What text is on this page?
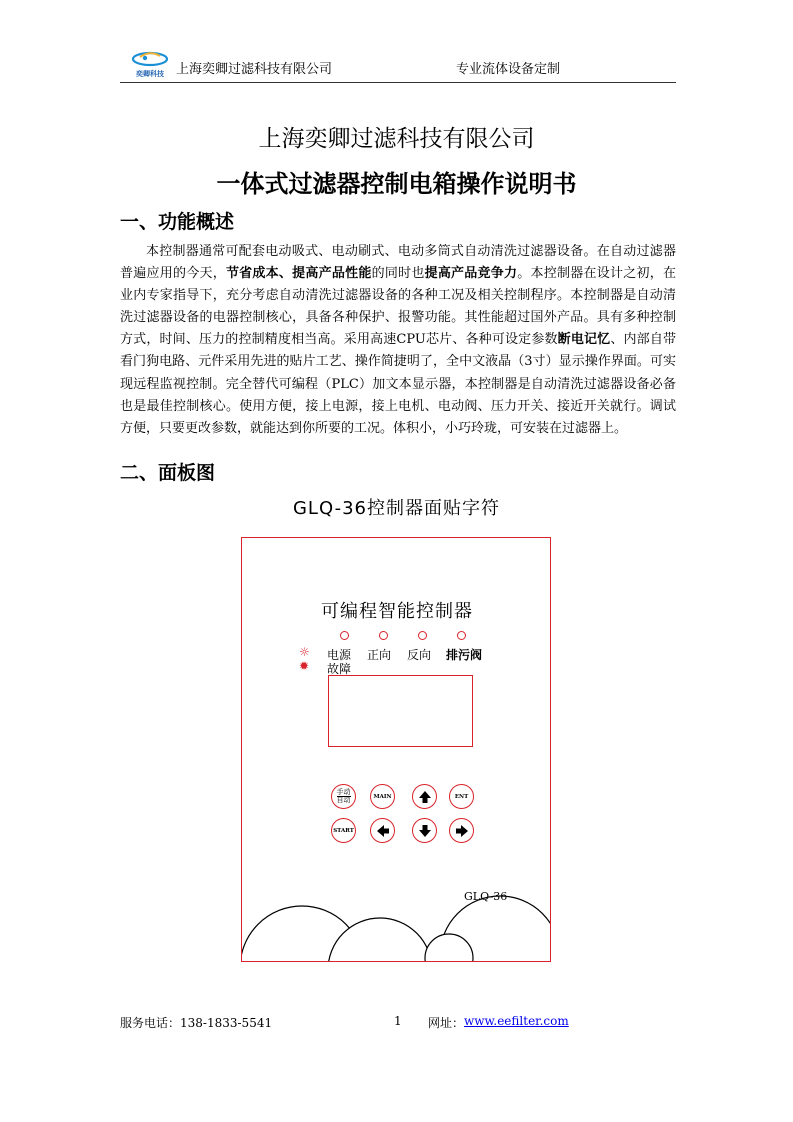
奕卿科技 上海奕卿过滤科技有限公司	专业流体设备定制
上海奕卿过滤科技有限公司
一体式过滤器控制电箱操作说明书
一、功能概述
本控制器通常可配套电动吸式、电动刷式、电动多筒式自动清洗过滤器设备。在自动过滤器普遍应用的今天，节省成本、提高产品性能的同时也提高产品竞争力。本控制器在设计之初，在业内专家指导下，充分考虑自动清洗过滤器设备的各种工况及相关控制程序。本控制器是自动清洗过滤器设备的电器控制核心，具备各种保护、报警功能。其性能超过国外产品。具有多种控制方式，时间、压力的控制精度相当高。采用高速CPU芯片、各种可设定参数断电记忆、内部自带看门狗电路、元件采用先进的贴片工艺、操作简捷明了，全中文液晶（3寸）显示操作界面。可实现远程监视控制。完全替代可编程（PLC）加文本显示器，本控制器是自动清洗过滤器设备必备也是最佳控制核心。使用方便，接上电源，接上电机、电动阀、压力开关、接近开关就行。调试方便，只要更改参数，就能达到你所要的工况。体积小，小巧玲珑，可安装在过滤器上。
二、面板图
GLQ-36控制器面贴字符
可编程智能控制器
☼
✹
电源 正向 反向 排污阀
故障
手动
自动	MAIN	ENT
START
GLQ-36
服务电话：138-1833-5541	1 网址： www.eefilter.com
